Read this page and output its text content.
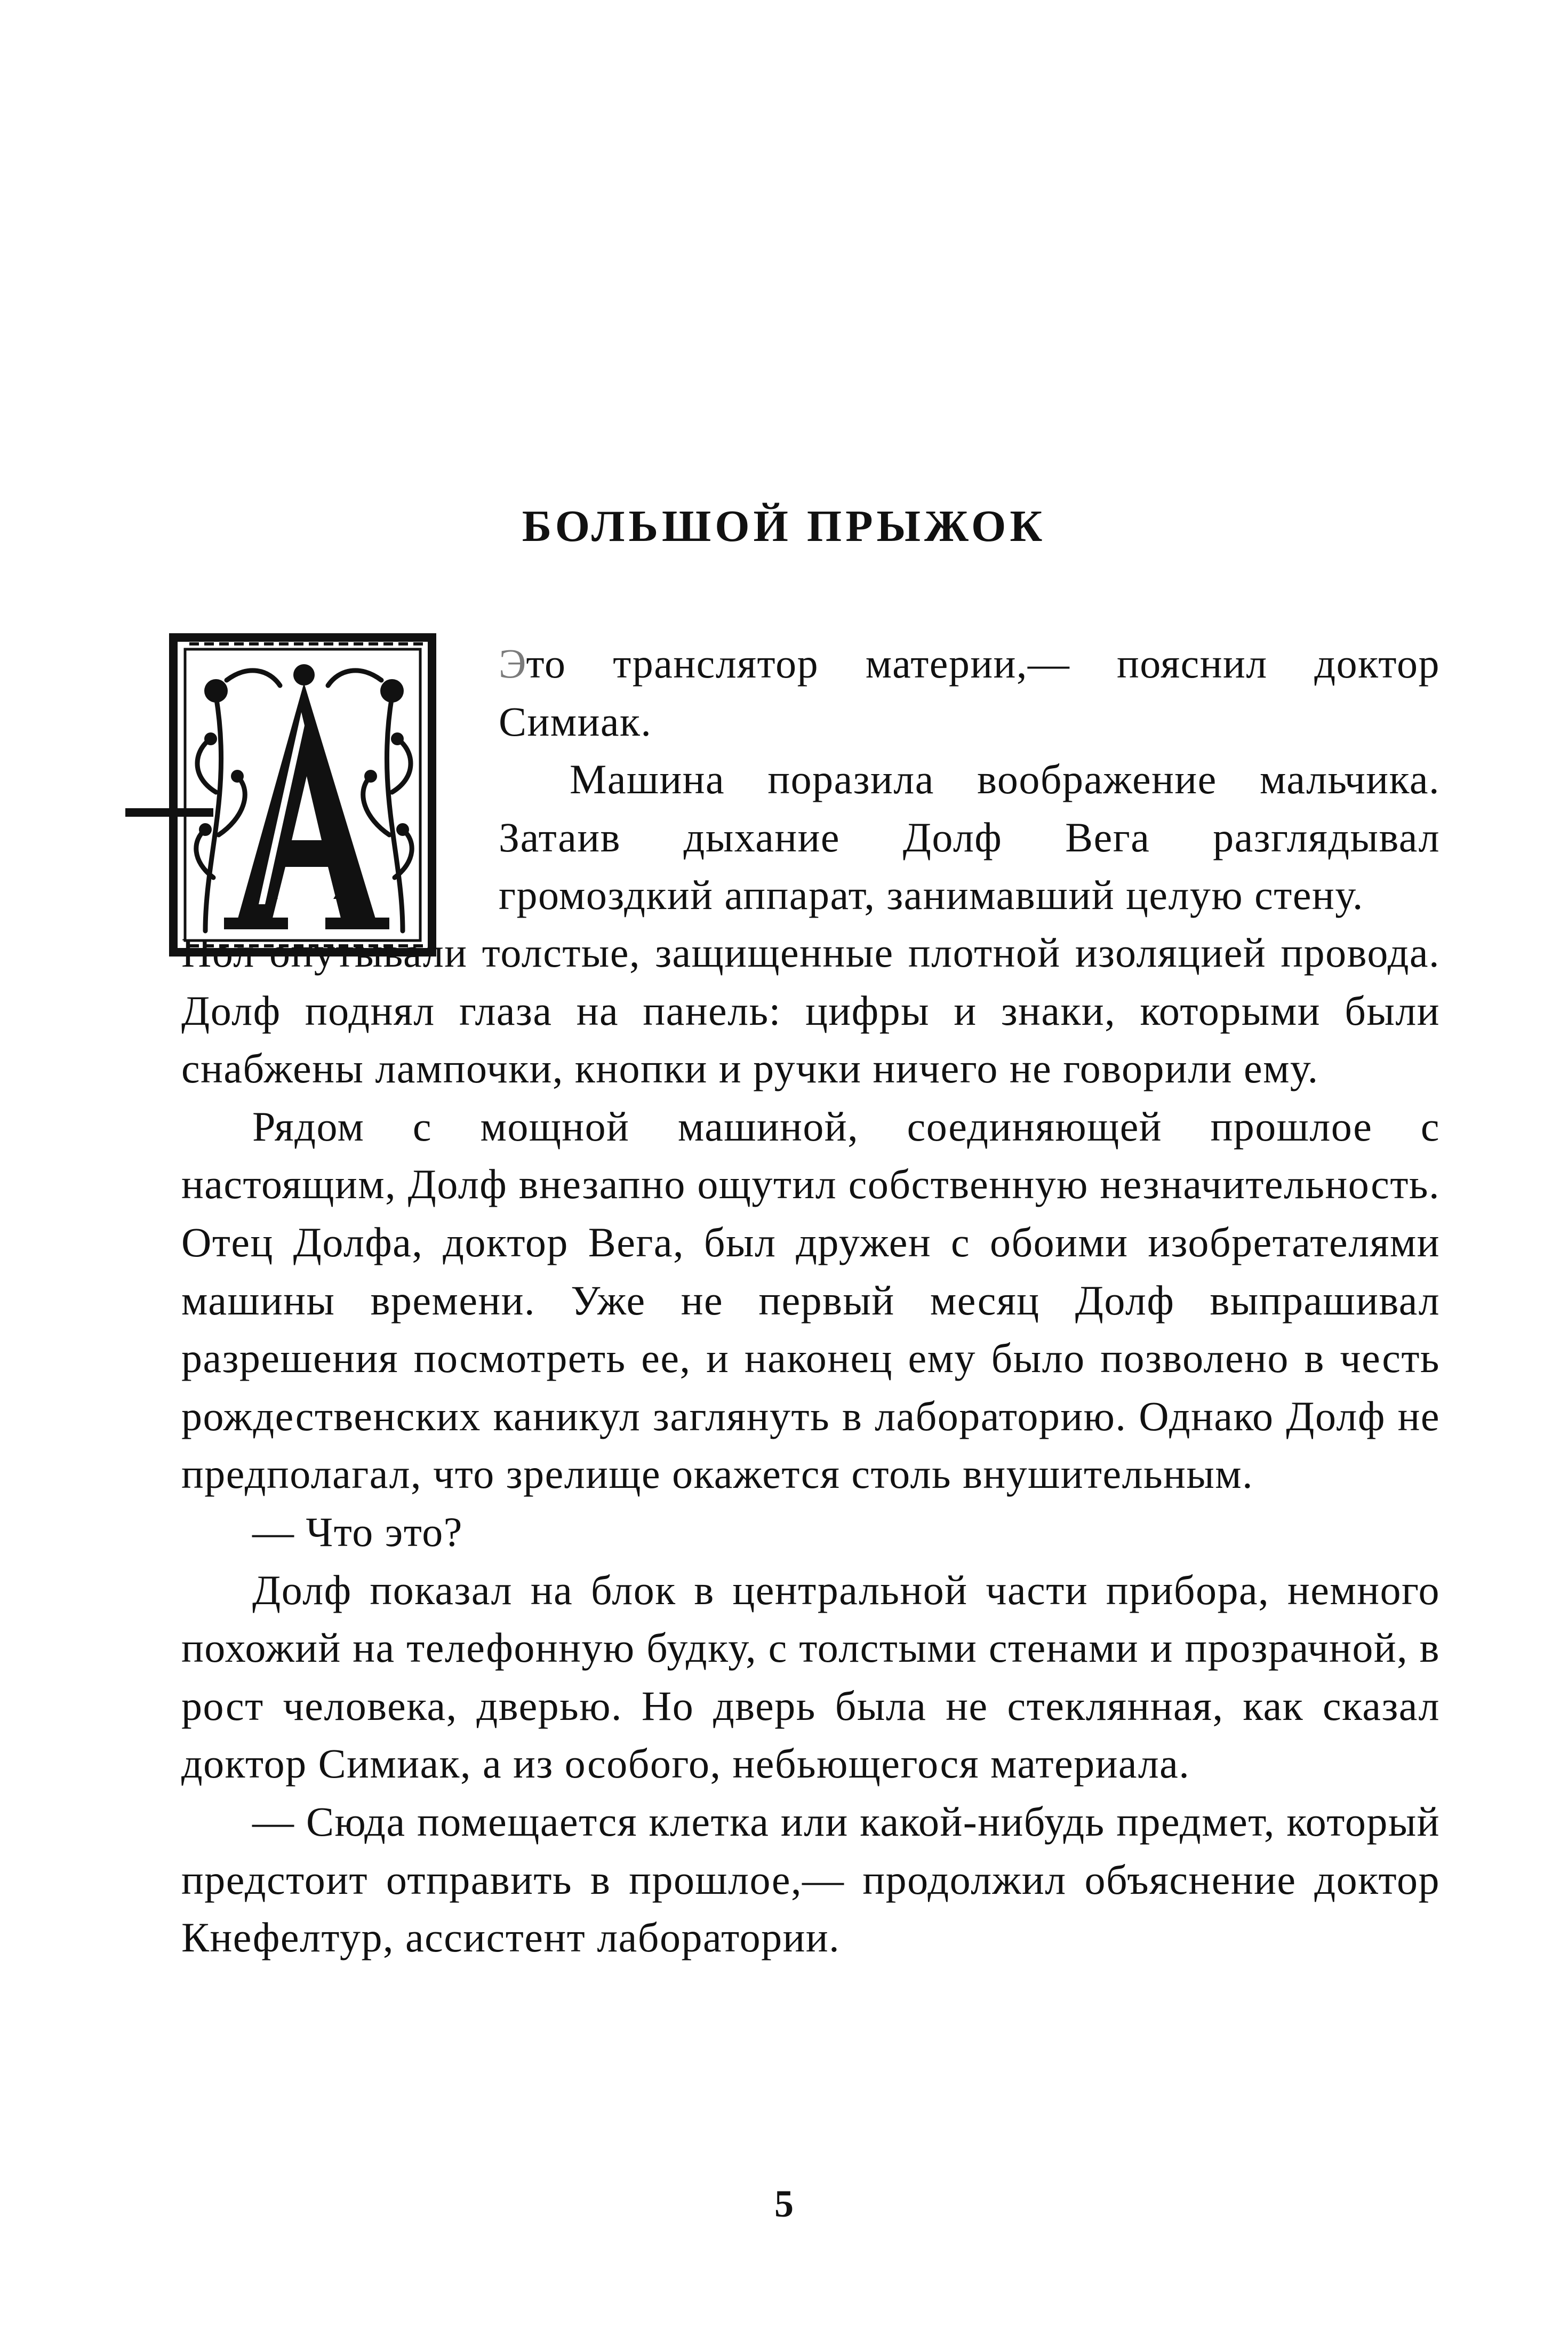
БОЛЬШОЙ ПРЫЖОК

Это транслятор материи,— пояснил доктор Симиак.

Машина поразила воображение мальчика. Затаив дыхание Долф Вега разглядывал громоздкий аппарат, занимавший целую стену.

Пол опутывали толстые, защищенные плотной изоляцией провода. Долф поднял глаза на панель: цифры и знаки, которыми были снабжены лампочки, кнопки и ручки ничего не говорили ему.

Рядом с мощной машиной, соединяющей прошлое с настоящим, Долф внезапно ощутил собственную незначительность. Отец Долфа, доктор Вега, был дружен с обоими изобретателями машины времени. Уже не первый месяц Долф выпрашивал разрешения посмотреть ее, и наконец ему было позволено в честь рождественских каникул заглянуть в лабораторию. Однако Долф не предполагал, что зрелище окажется столь внушительным.

— Что это?

Долф показал на блок в центральной части прибора, немного похожий на телефонную будку, с толстыми стенами и прозрачной, в рост человека, дверью. Но дверь была не стеклянная, как сказал доктор Симиак, а из особого, небьющегося материала.

— Сюда помещается клетка или какой-нибудь предмет, который предстоит отправить в прошлое,— продолжил объяснение доктор Кнефелтур, ассистент лаборатории.

5
